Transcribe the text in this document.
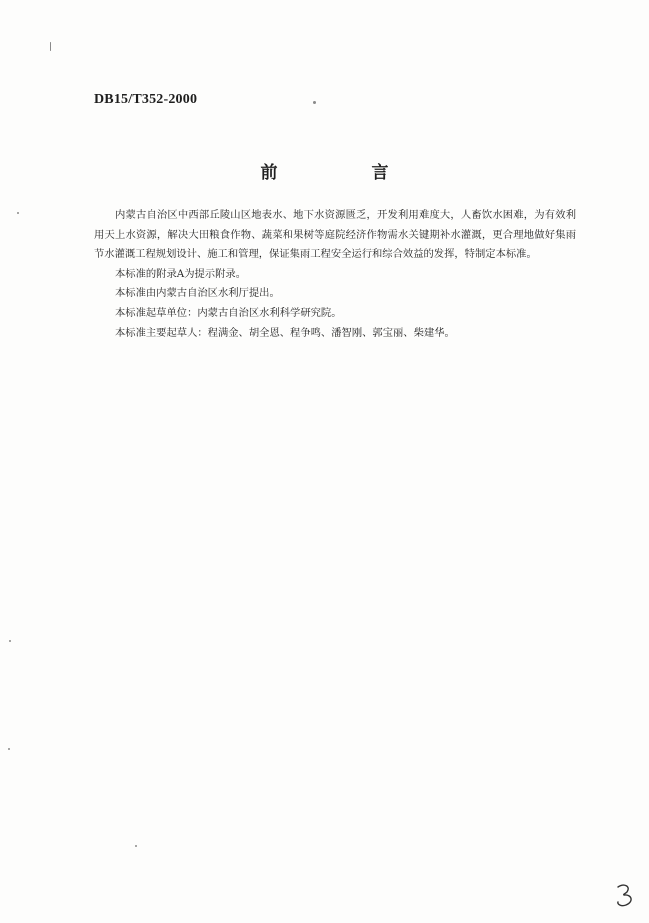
DB15/T352-2000
前 言

内蒙古自治区中西部丘陵山区地表水、地下水资源匮乏，开发利用难度大，人畜饮水困难，为有效利用天上水资源，解决大田粮食作物、蔬菜和果树等庭院经济作物需水关键期补水灌溉，更合理地做好集雨节水灌溉工程规划设计、施工和管理，保证集雨工程安全运行和综合效益的发挥，特制定本标准。

本标准的附录A为提示附录。

本标准由内蒙古自治区水利厅提出。

本标准起草单位：内蒙古自治区水利科学研究院。

本标准主要起草人：程满金、胡全恩、程争鸣、潘智刚、郭宝丽、柴建华。
